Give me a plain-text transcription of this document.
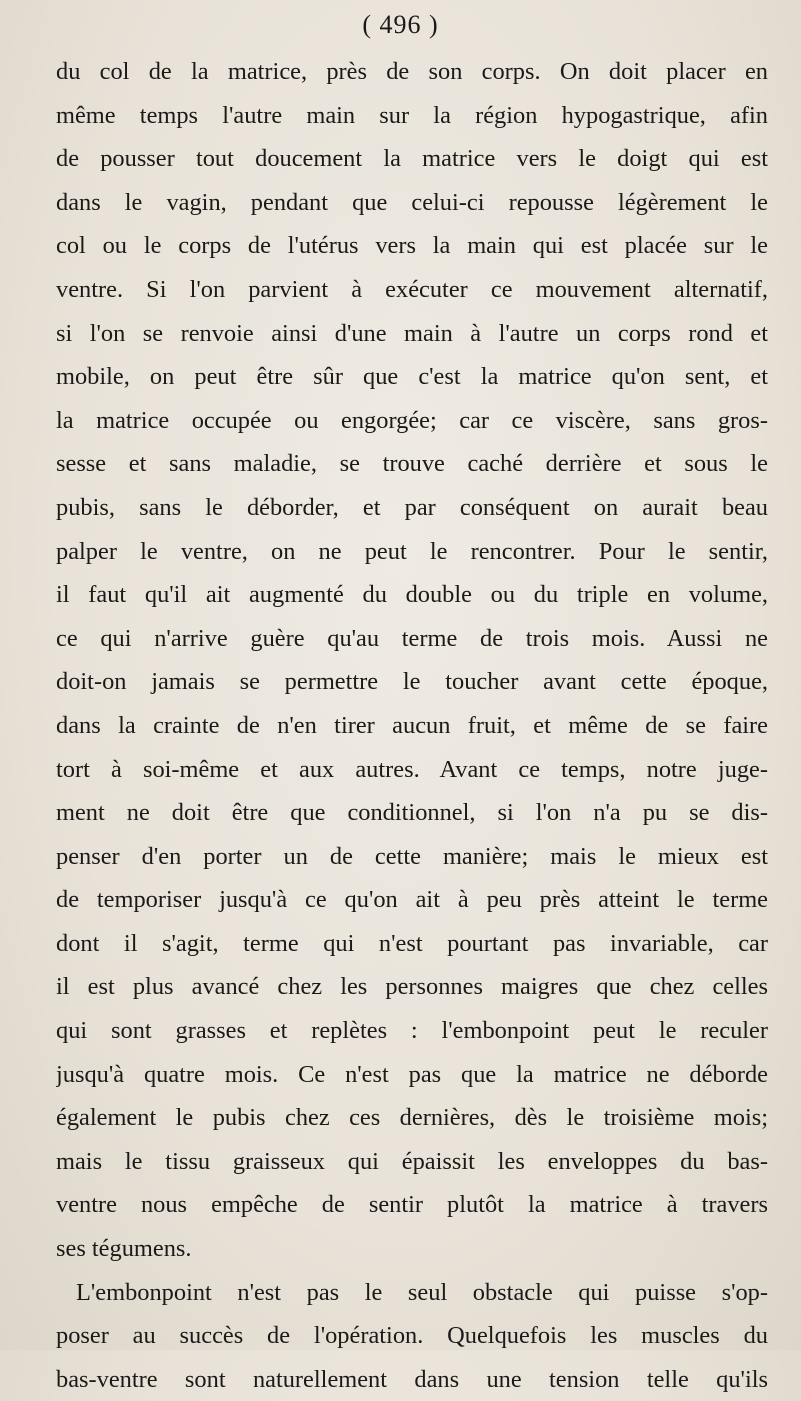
( 496 )
du col de la matrice, près de son corps. On doit placer en
même temps l'autre main sur la région hypogastrique, afin
de pousser tout doucement la matrice vers le doigt qui est
dans le vagin, pendant que celui-ci repousse légèrement le
col ou le corps de l'utérus vers la main qui est placée sur le
ventre. Si l'on parvient à exécuter ce mouvement alternatif,
si l'on se renvoie ainsi d'une main à l'autre un corps rond et
mobile, on peut être sûr que c'est la matrice qu'on sent, et
la matrice occupée ou engorgée; car ce viscère, sans gros-
sesse et sans maladie, se trouve caché derrière et sous le
pubis, sans le déborder, et par conséquent on aurait beau
palper le ventre, on ne peut le rencontrer. Pour le sentir,
il faut qu'il ait augmenté du double ou du triple en volume,
ce qui n'arrive guère qu'au terme de trois mois. Aussi ne
doit-on jamais se permettre le toucher avant cette époque,
dans la crainte de n'en tirer aucun fruit, et même de se faire
tort à soi-même et aux autres. Avant ce temps, notre juge-
ment ne doit être que conditionnel, si l'on n'a pu se dis-
penser d'en porter un de cette manière; mais le mieux est
de temporiser jusqu'à ce qu'on ait à peu près atteint le terme
dont il s'agit, terme qui n'est pourtant pas invariable, car
il est plus avancé chez les personnes maigres que chez celles
qui sont grasses et replètes : l'embonpoint peut le reculer
jusqu'à quatre mois. Ce n'est pas que la matrice ne déborde
également le pubis chez ces dernières, dès le troisième mois;
mais le tissu graisseux qui épaissit les enveloppes du bas-
ventre nous empêche de sentir plutôt la matrice à travers
ses tégumens.
L'embonpoint n'est pas le seul obstacle qui puisse s'op-
poser au succès de l'opération. Quelquefois les muscles du
bas-ventre sont naturellement dans une tension telle qu'ils
